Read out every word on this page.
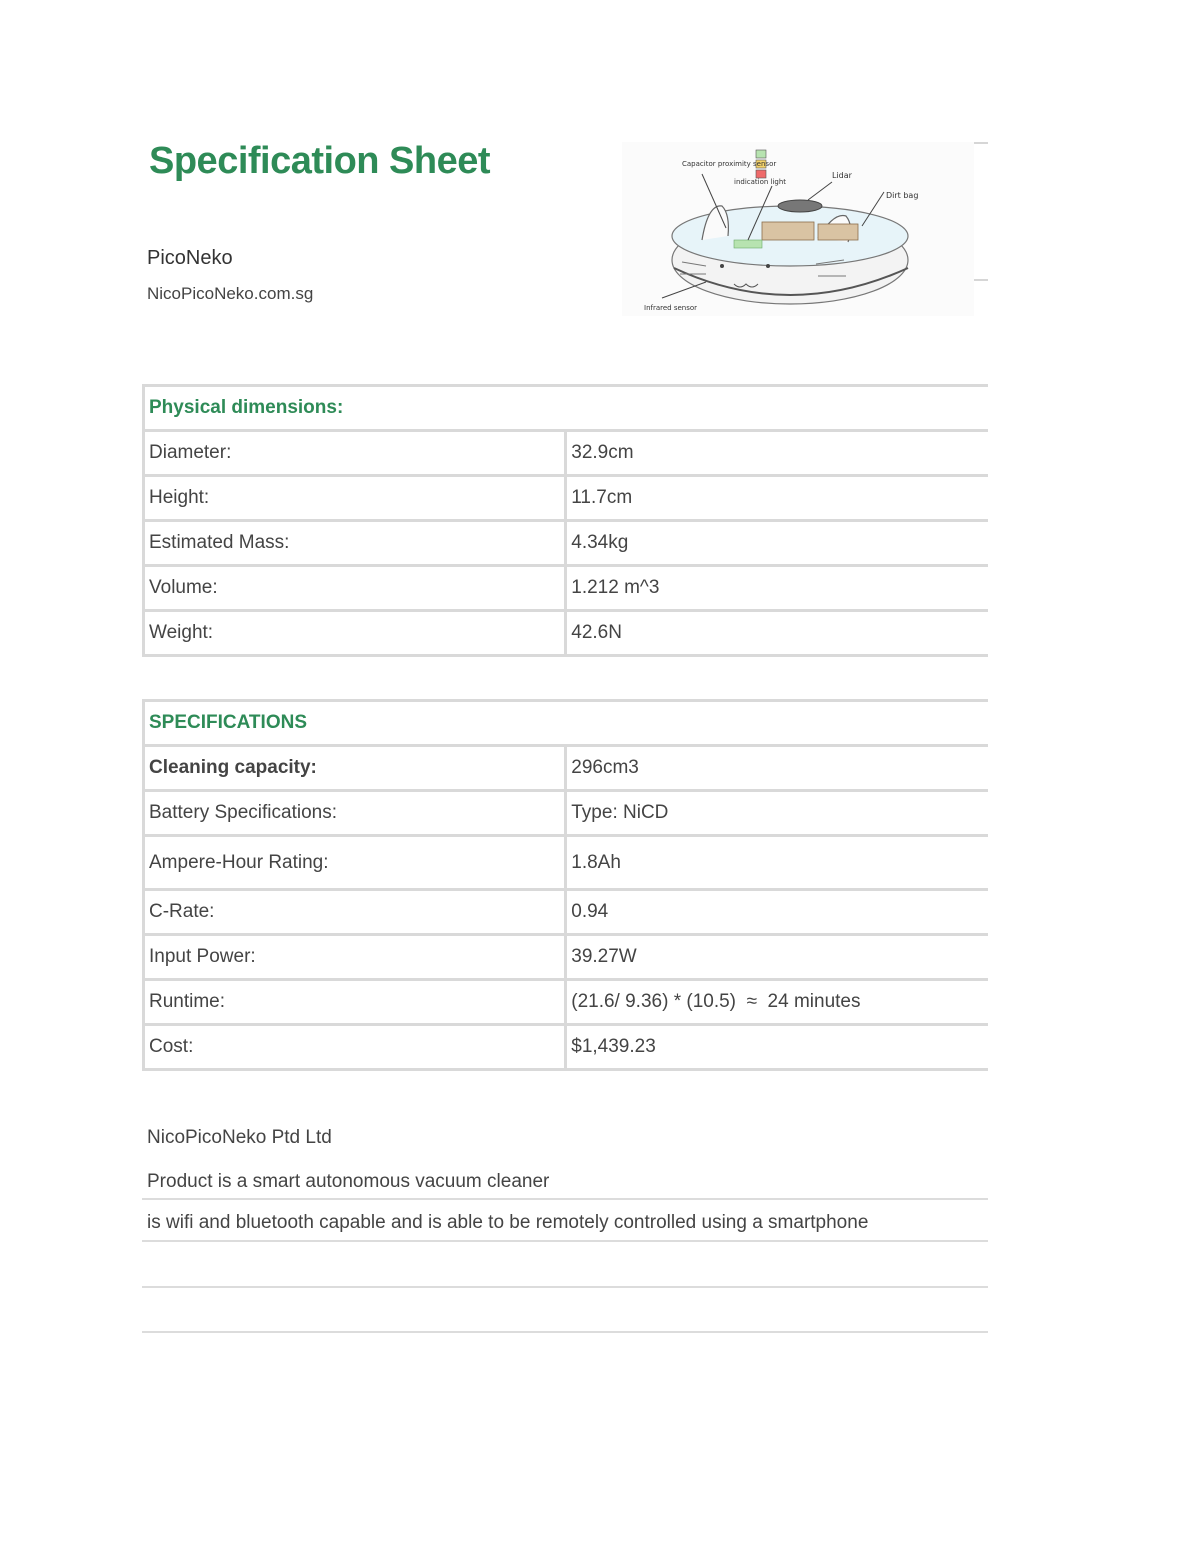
Specification Sheet
PicoNeko
NicoPicoNeko.com.sg
Capacitor proximity sensor
indication light
Lidar
Dirt bag
Infrared sensor
Physical dimensions:	
Diameter:	32.9cm
Height:	11.7cm
Estimated Mass:	4.34kg
Volume:	1.212 m^3
Weight:	42.6N
SPECIFICATIONS	
Cleaning capacity:	296cm3
Battery Specifications:	Type: NiCD
Ampere-Hour Rating:	1.8Ah
C-Rate:	0.94
Input Power:	39.27W
Runtime:	(21.6/ 9.36) * (10.5)  ≈  24 minutes
Cost:	$1,439.23
NicoPicoNeko Ptd Ltd
Product is a smart autonomous vacuum cleaner
is wifi and bluetooth capable and is able to be remotely controlled using a smartphone
